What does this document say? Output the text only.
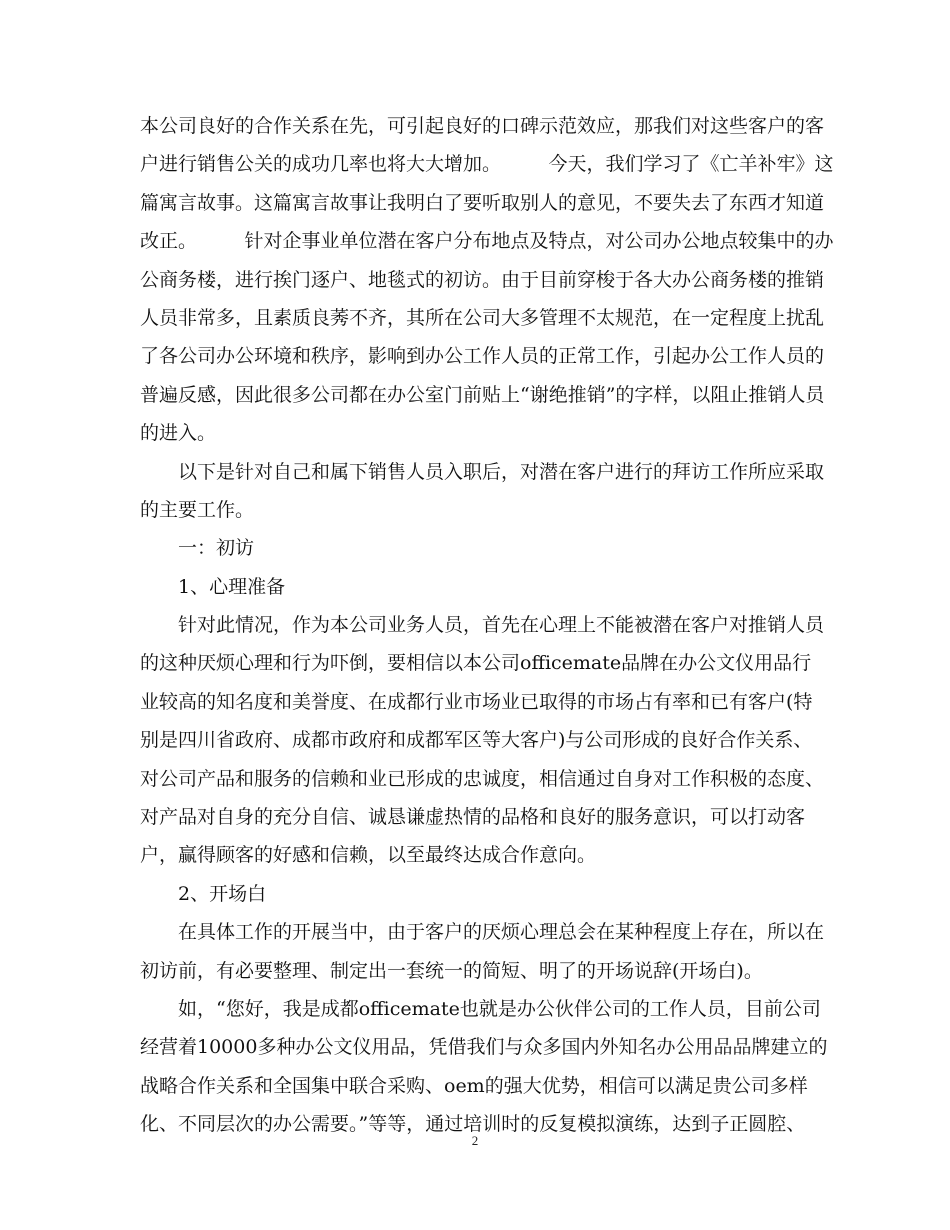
本公司良好的合作关系在先，可引起良好的口碑示范效应，那我们对这些客户的客
户进行销售公关的成功几率也将大大增加。　　　今天，我们学习了《亡羊补牢》这
篇寓言故事。这篇寓言故事让我明白了要听取别人的意见，不要失去了东西才知道
改正。　　　针对企事业单位潜在客户分布地点及特点，对公司办公地点较集中的办
公商务楼，进行挨门逐户、地毯式的初访。由于目前穿梭于各大办公商务楼的推销
人员非常多，且素质良莠不齐，其所在公司大多管理不太规范，在一定程度上扰乱
了各公司办公环境和秩序，影响到办公工作人员的正常工作，引起办公工作人员的
普遍反感，因此很多公司都在办公室门前贴上“谢绝推销”的字样，以阻止推销人员
的进入。
　　以下是针对自己和属下销售人员入职后，对潜在客户进行的拜访工作所应采取
的主要工作。
　　一：初访
　　1、心理准备
　　针对此情况，作为本公司业务人员，首先在心理上不能被潜在客户对推销人员
的这种厌烦心理和行为吓倒，要相信以本公司officemate品牌在办公文仪用品行
业较高的知名度和美誉度、在成都行业市场业已取得的市场占有率和已有客户(特
别是四川省政府、成都市政府和成都军区等大客户)与公司形成的良好合作关系、
对公司产品和服务的信赖和业已形成的忠诚度，相信通过自身对工作积极的态度、
对产品对自身的充分自信、诚恳谦虚热情的品格和良好的服务意识，可以打动客
户，赢得顾客的好感和信赖，以至最终达成合作意向。
　　2、开场白
　　在具体工作的开展当中，由于客户的厌烦心理总会在某种程度上存在，所以在
初访前，有必要整理、制定出一套统一的简短、明了的开场说辞(开场白)。
　　如，“您好，我是成都officemate也就是办公伙伴公司的工作人员，目前公司
经营着10000多种办公文仪用品，凭借我们与众多国内外知名办公用品品牌建立的
战略合作关系和全国集中联合采购、oem的强大优势，相信可以满足贵公司多样
化、不同层次的办公需要。”等等，通过培训时的反复模拟演练，达到子正圆腔、
2
